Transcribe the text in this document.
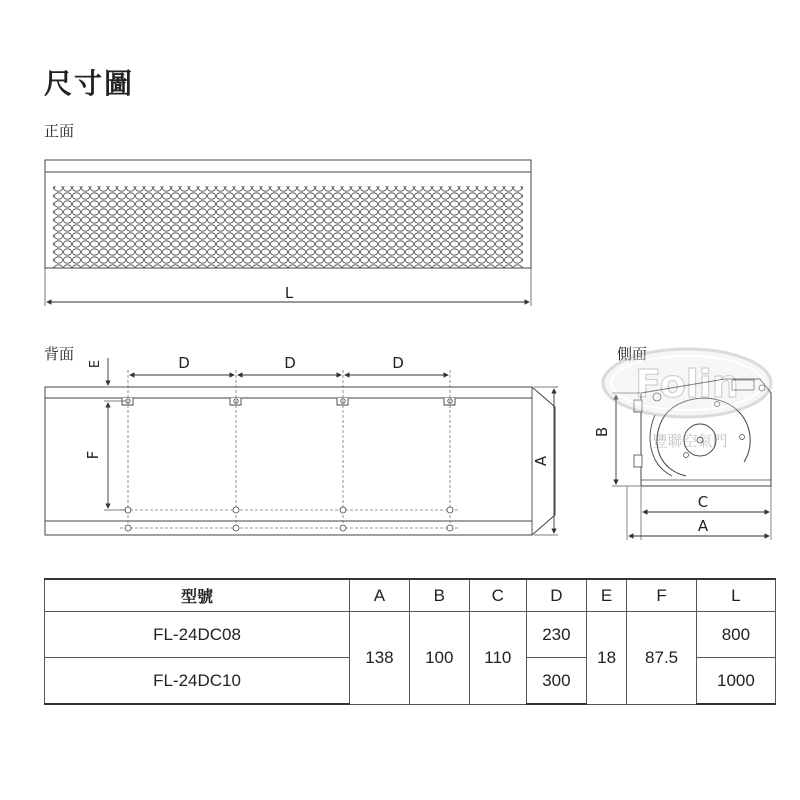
尺寸圖
正面
背面	側面
L
D	D	D
E
F
A
B
C
A
Folin
豐聯空氣門
型號	A	B	C	D	E	F	L
FL-24DC08	138	100	110	230	18	87.5	800
FL-24DC10				300			1000
